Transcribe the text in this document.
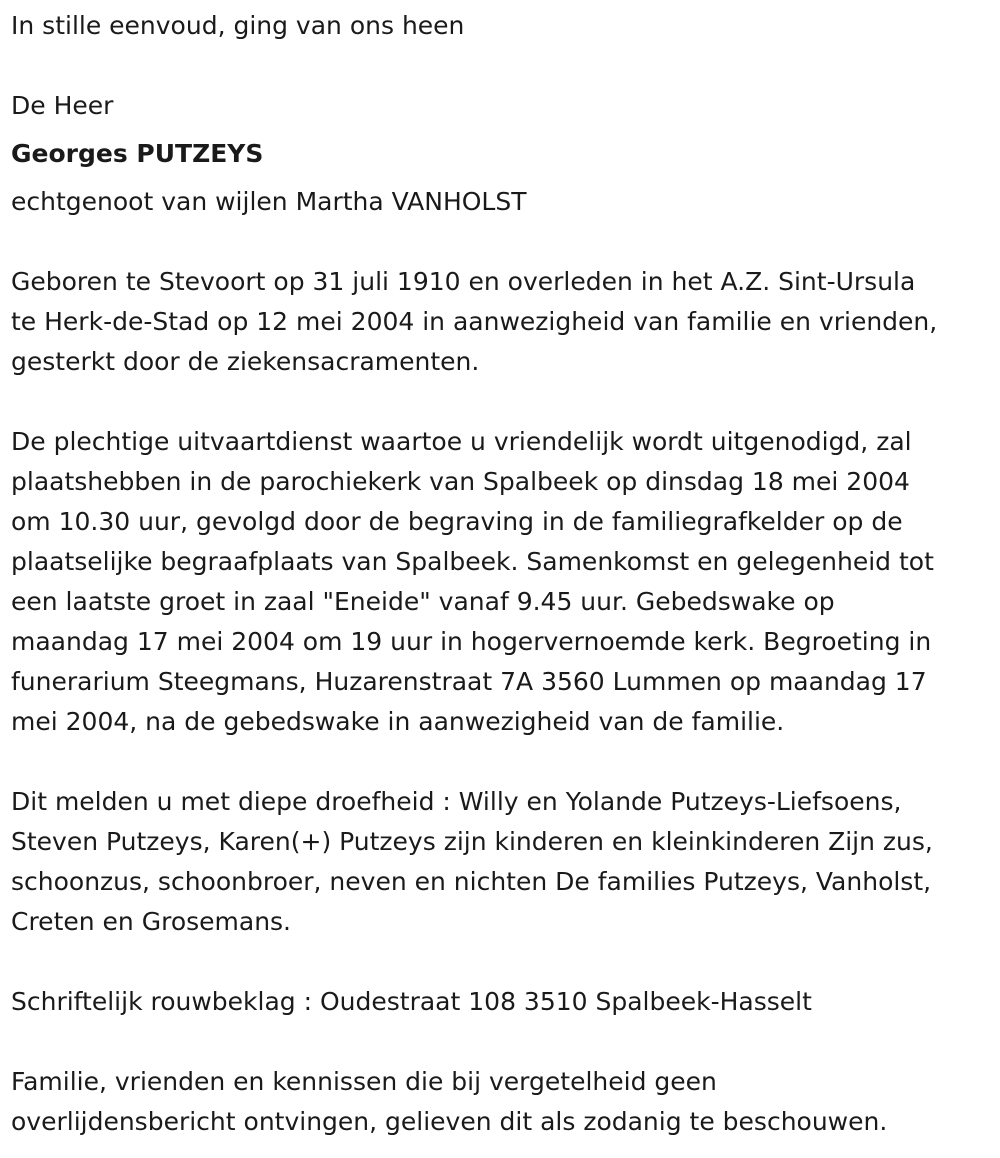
In stille eenvoud, ging van ons heen

De Heer

Georges PUTZEYS

echtgenoot van wijlen Martha VANHOLST

Geboren te Stevoort op 31 juli 1910 en overleden in het A.Z. Sint-Ursula
te Herk-de-Stad op 12 mei 2004 in aanwezigheid van familie en vrienden,
gesterkt door de ziekensacramenten.
De plechtige uitvaartdienst waartoe u vriendelijk wordt uitgenodigd, zal
plaatshebben in de parochiekerk van Spalbeek op dinsdag 18 mei 2004
om 10.30 uur, gevolgd door de begraving in de familiegrafkelder op de
plaatselijke begraafplaats van Spalbeek. Samenkomst en gelegenheid tot
een laatste groet in zaal "Eneide" vanaf 9.45 uur. Gebedswake op
maandag 17 mei 2004 om 19 uur in hogervernoemde kerk. Begroeting in
funerarium Steegmans, Huzarenstraat 7A 3560 Lummen op maandag 17
mei 2004, na de gebedswake in aanwezigheid van de familie.
Dit melden u met diepe droefheid : Willy en Yolande Putzeys-Liefsoens,
Steven Putzeys, Karen(+) Putzeys zijn kinderen en kleinkinderen Zijn zus,
schoonzus, schoonbroer, neven en nichten De families Putzeys, Vanholst,
Creten en Grosemans.

Schriftelijk rouwbeklag : Oudestraat 108 3510 Spalbeek-Hasselt

Familie, vrienden en kennissen die bij vergetelheid geen
overlijdensbericht ontvingen, gelieven dit als zodanig te beschouwen.
